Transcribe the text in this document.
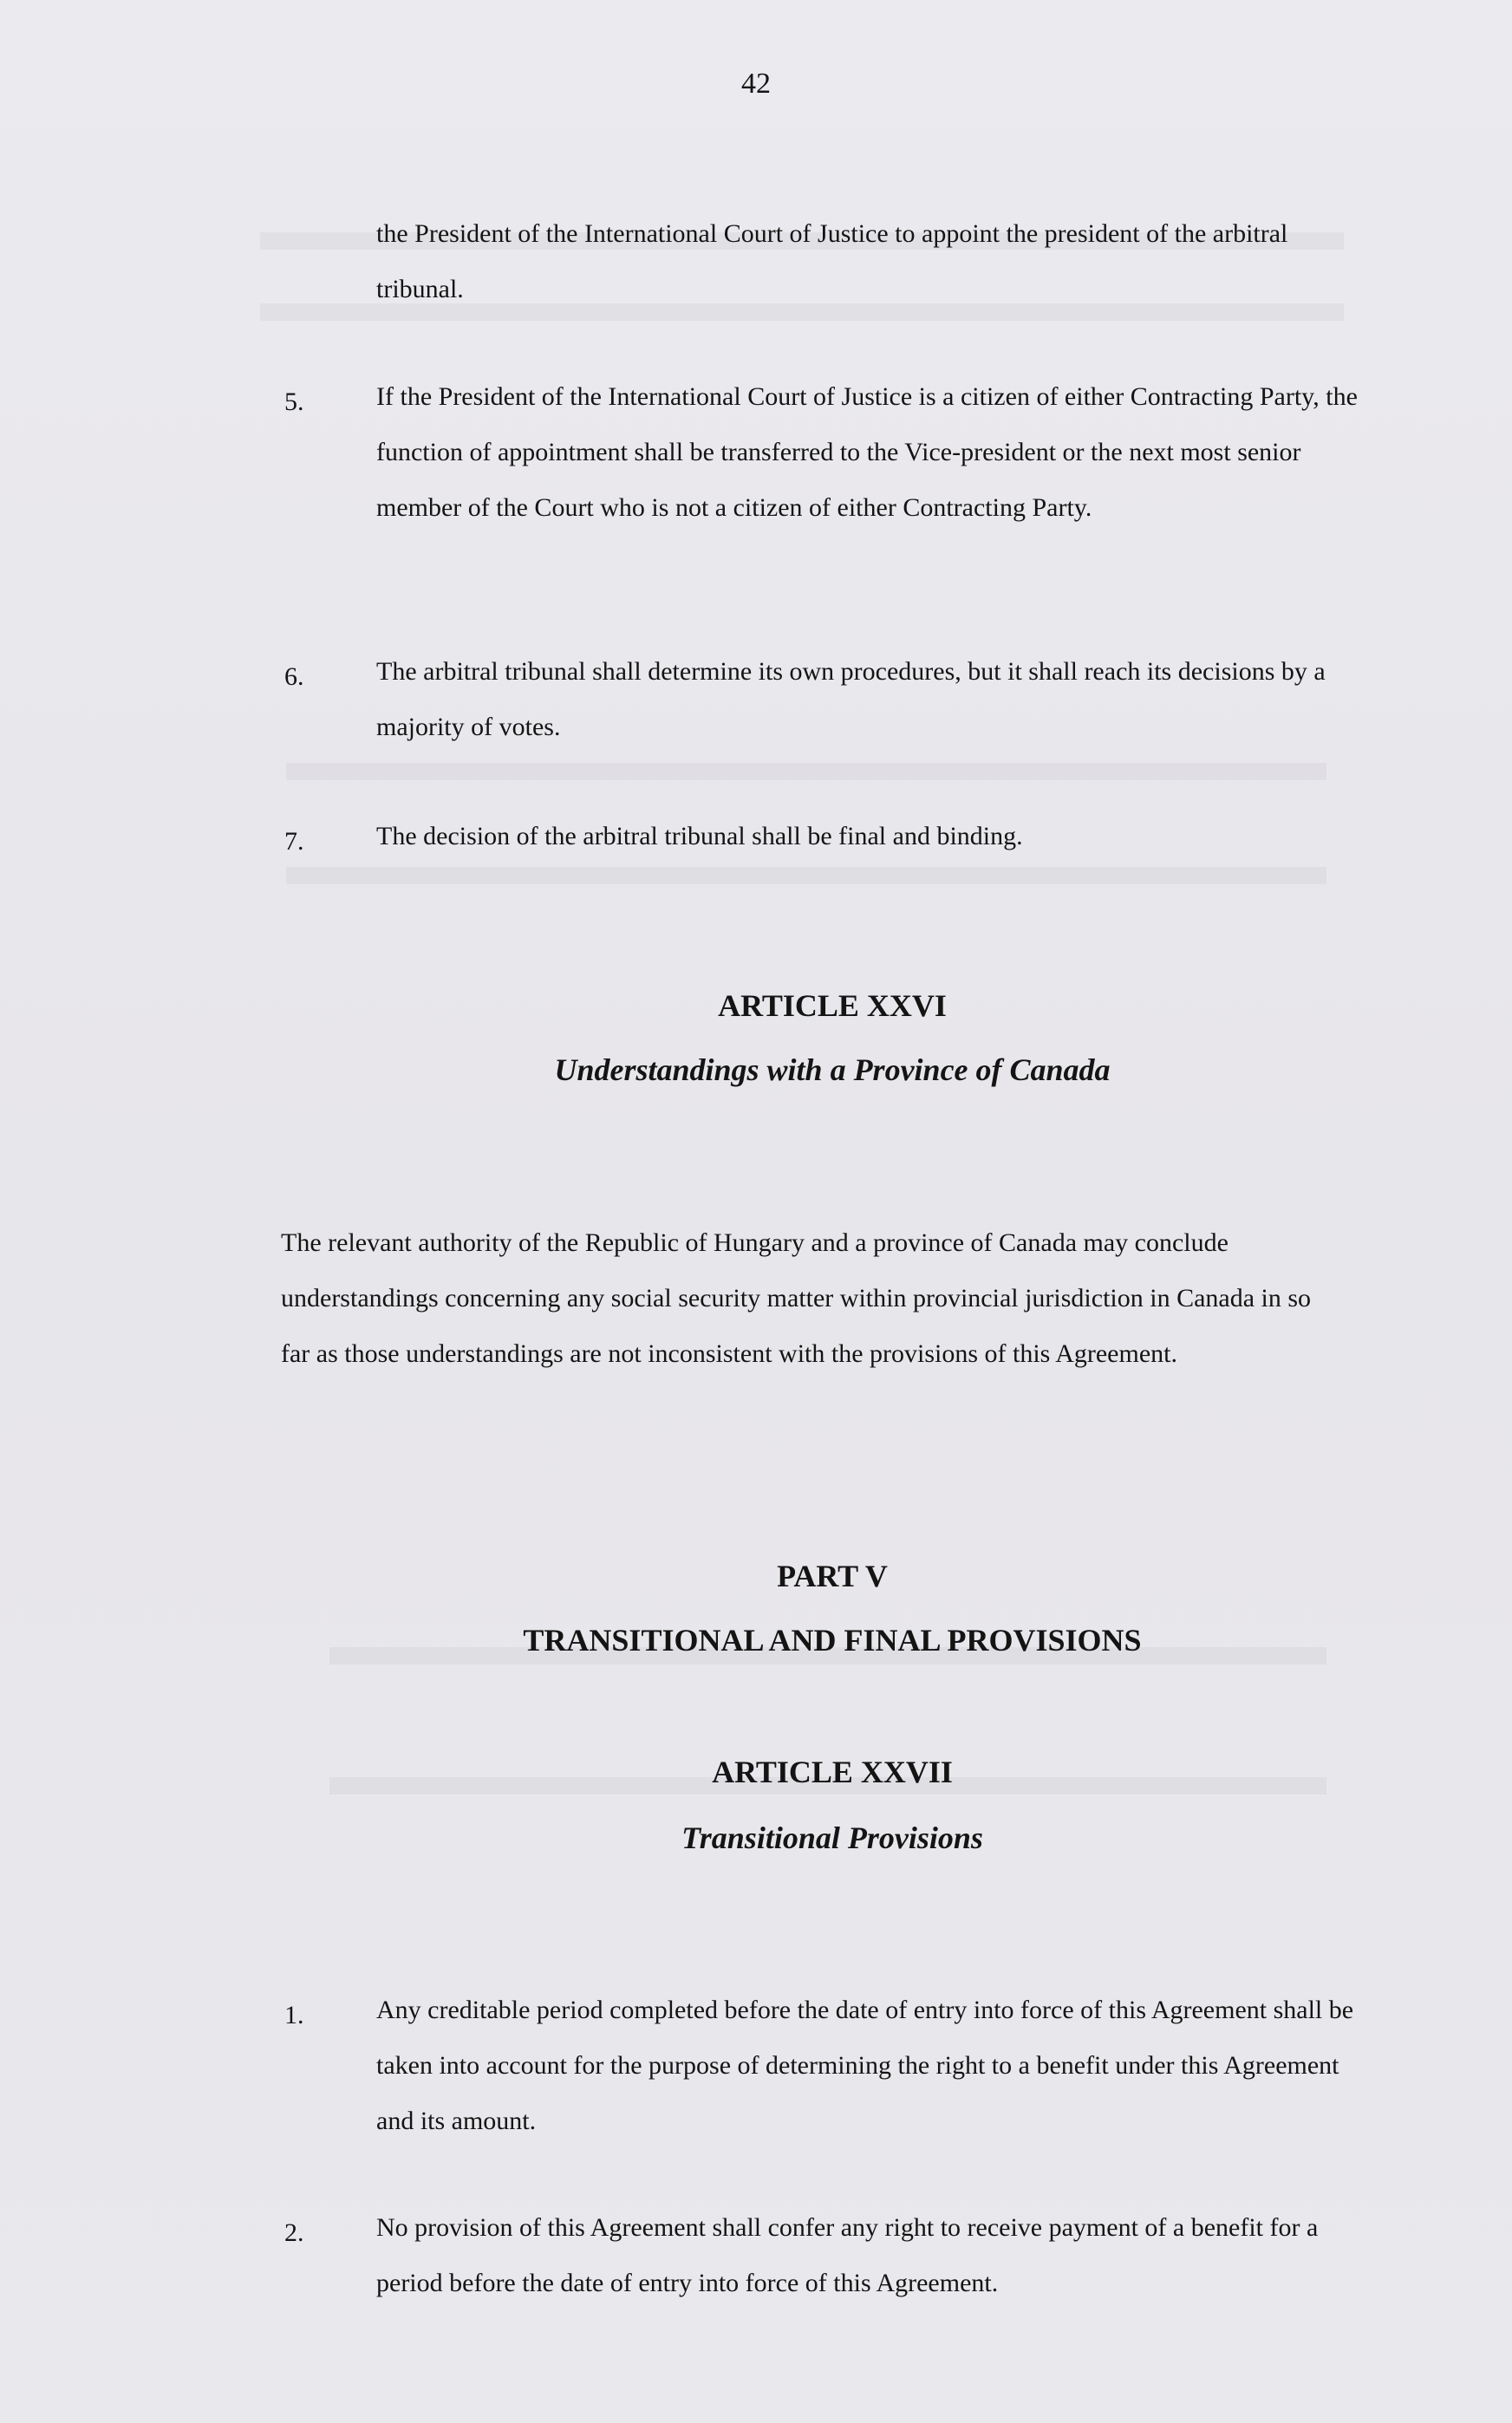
42

the President of the International Court of Justice to appoint the president of the arbitral tribunal.

5.	If the President of the International Court of Justice is a citizen of either Contracting Party, the function of appointment shall be transferred to the Vice-president or the next most senior member of the Court who is not a citizen of either Contracting Party.

6.	The arbitral tribunal shall determine its own procedures, but it shall reach its decisions by a majority of votes.

7.	The decision of the arbitral tribunal shall be final and binding.

ARTICLE XXVI
Understandings with a Province of Canada

The relevant authority of the Republic of Hungary and a province of Canada may conclude understandings concerning any social security matter within provincial jurisdiction in Canada in so far as those understandings are not inconsistent with the provisions of this Agreement.

PART V
TRANSITIONAL AND FINAL PROVISIONS
ARTICLE XXVII
Transitional Provisions
1.	Any creditable period completed before the date of entry into force of this Agreement shall be taken into account for the purpose of determining the right to a benefit under this Agreement and its amount.

2.	No provision of this Agreement shall confer any right to receive payment of a benefit for a period before the date of entry into force of this Agreement.
